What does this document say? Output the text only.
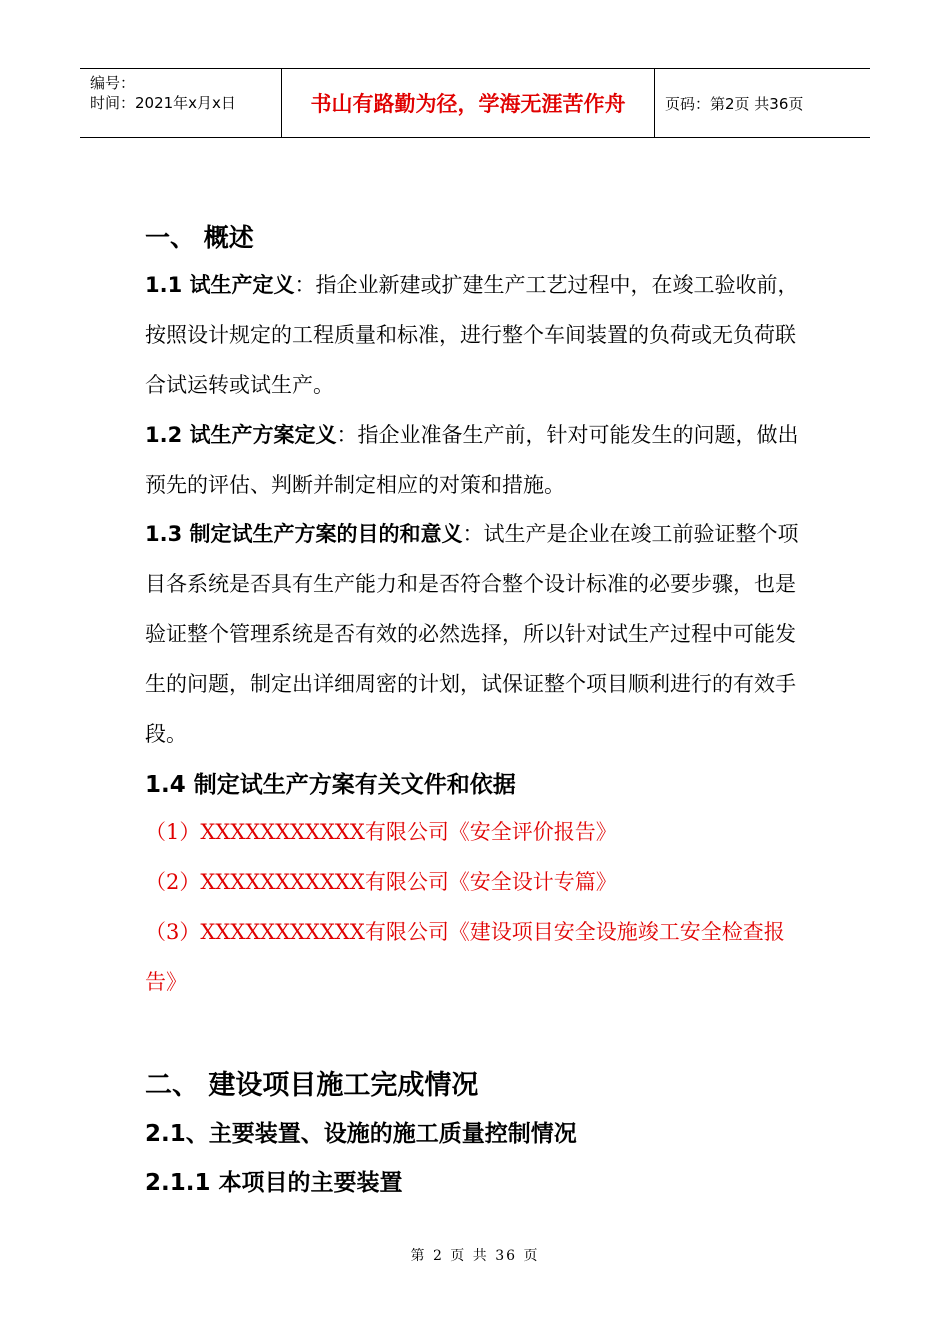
编号：
时间：2021年x月x日	书山有路勤为径，学海无涯苦作舟	页码：第2页 共36页
一、 概述
1.1 试生产定义：指企业新建或扩建生产工艺过程中，在竣工验收前，按照设计规定的工程质量和标准，进行整个车间装置的负荷或无负荷联合试运转或试生产。
1.2 试生产方案定义：指企业准备生产前，针对可能发生的问题，做出预先的评估、判断并制定相应的对策和措施。
1.3 制定试生产方案的目的和意义：试生产是企业在竣工前验证整个项目各系统是否具有生产能力和是否符合整个设计标准的必要步骤，也是验证整个管理系统是否有效的必然选择，所以针对试生产过程中可能发生的问题，制定出详细周密的计划，试保证整个项目顺利进行的有效手段。
1.4 制定试生产方案有关文件和依据
（1）XXXXXXXXXXX有限公司《安全评价报告》
（2）XXXXXXXXXXX有限公司《安全设计专篇》
（3）XXXXXXXXXXX有限公司《建设项目安全设施竣工安全检查报告》
二、 建设项目施工完成情况
2.1、主要装置、设施的施工质量控制情况
2.1.1 本项目的主要装置
第 2 页 共 36 页
